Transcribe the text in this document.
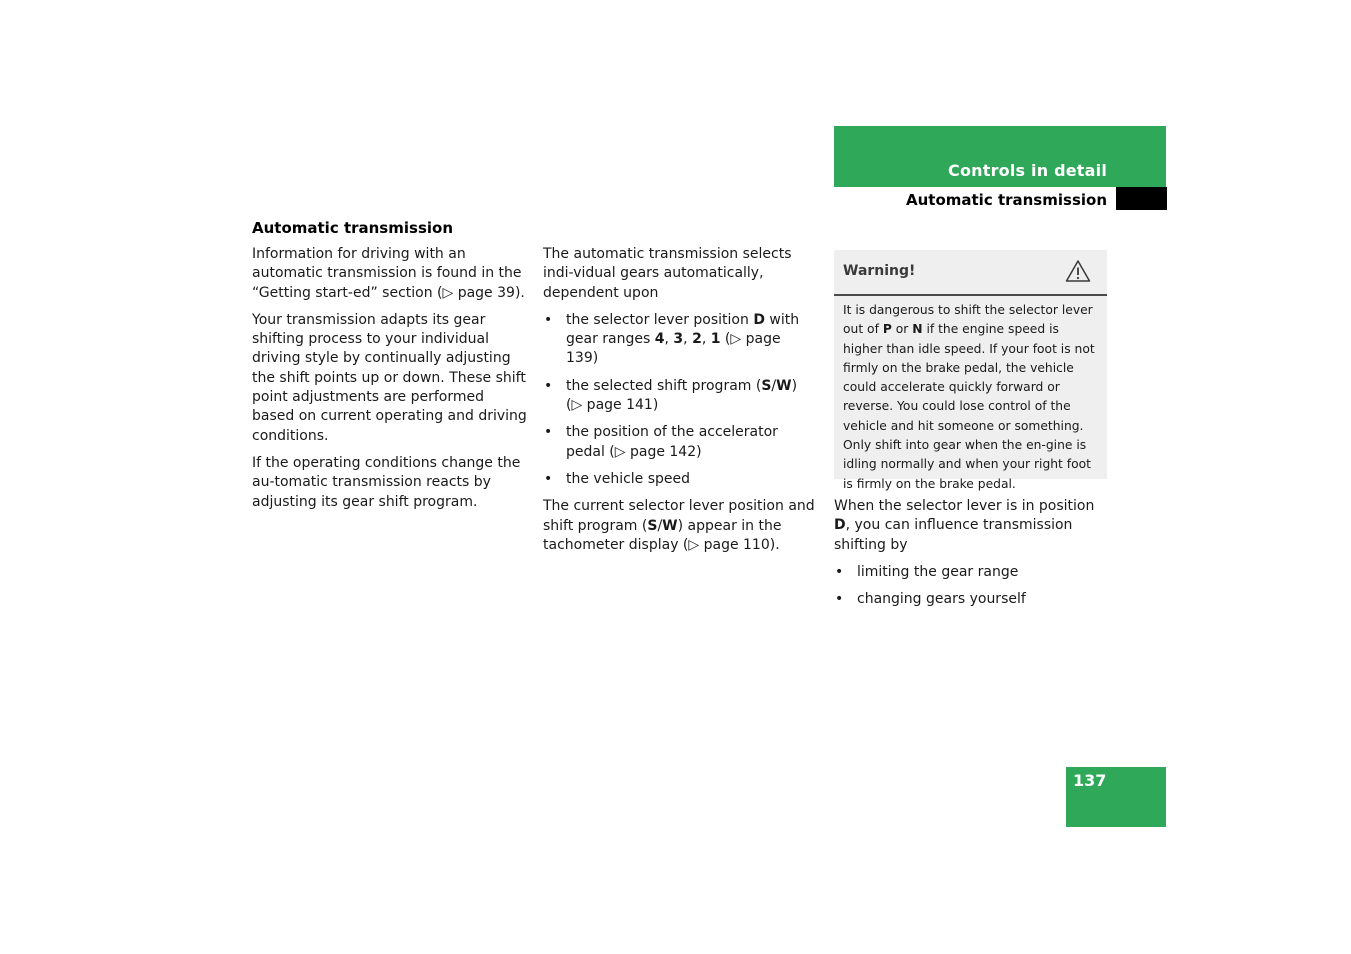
Controls in detail
Automatic transmission
Automatic transmission

Information for driving with an automatic transmission is found in the “Getting start-ed” section (▷ page 39).

Your transmission adapts its gear shifting process to your individual driving style by continually adjusting the shift points up or down. These shift point adjustments are performed based on current operating and driving conditions.

If the operating conditions change the au-tomatic transmission reacts by adjusting its gear shift program.

The automatic transmission selects indi-vidual gears automatically, dependent upon

• the selector lever position D with gear ranges 4, 3, 2, 1 (▷ page 139)
• the selected shift program (S/W) (▷ page 141)
• the position of the accelerator pedal (▷ page 142)
• the vehicle speed

The current selector lever position and shift program (S/W) appear in the tachometer display (▷ page 110).

Warning!
It is dangerous to shift the selector lever out of P or N if the engine speed is higher than idle speed. If your foot is not firmly on the brake pedal, the vehicle could accelerate quickly forward or reverse. You could lose control of the vehicle and hit someone or something. Only shift into gear when the en-gine is idling normally and when your right foot is firmly on the brake pedal.

When the selector lever is in position D, you can influence transmission shifting by

• limiting the gear range
• changing gears yourself
137
